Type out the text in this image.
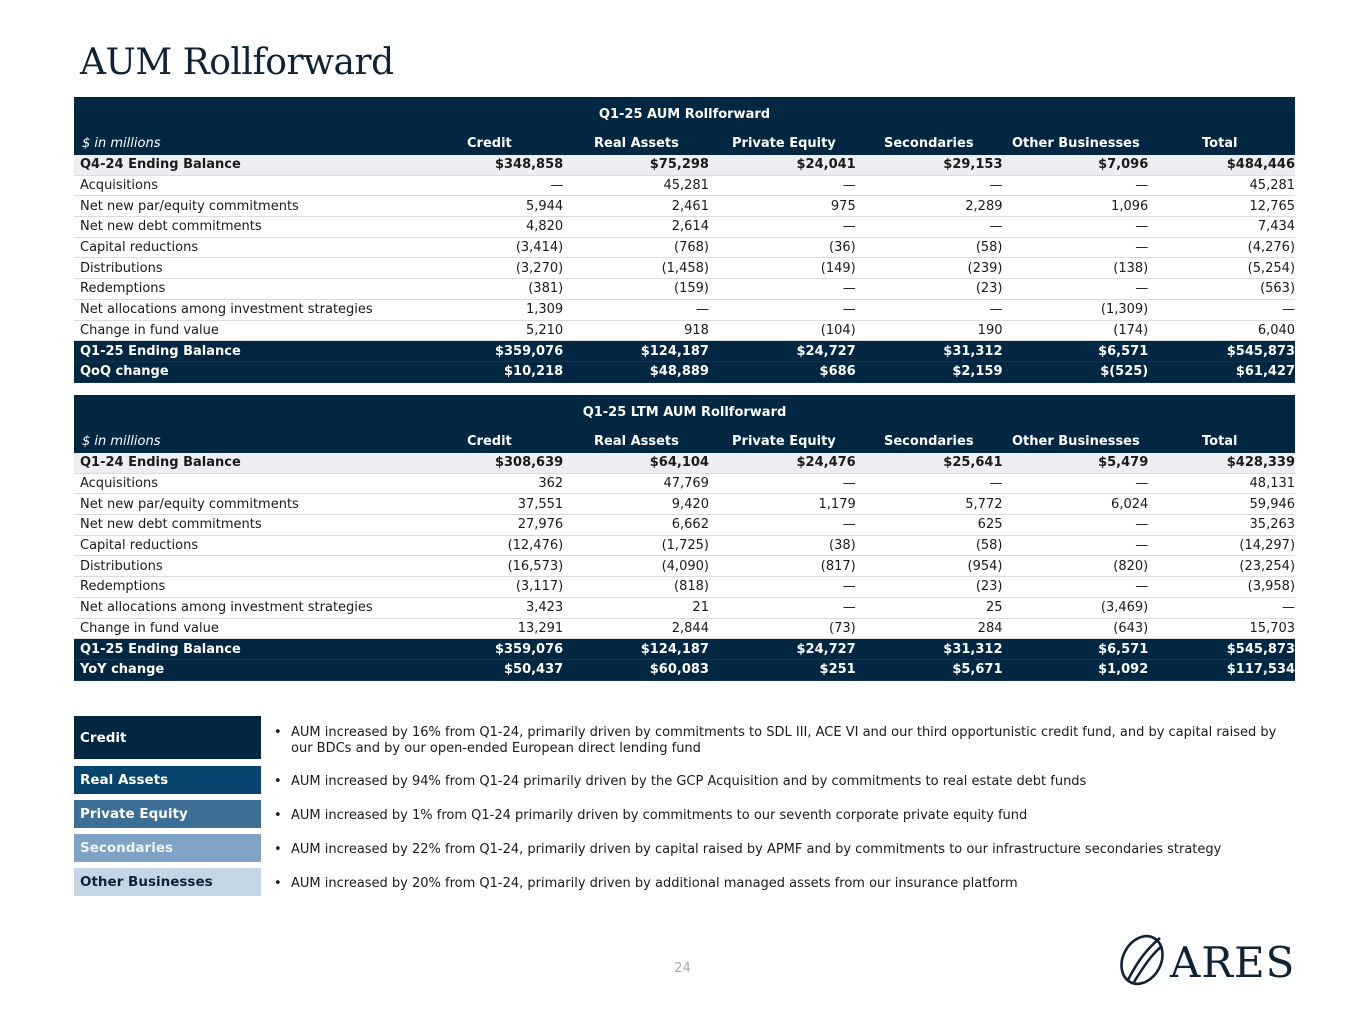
AUM Rollforward
Q1-25 AUM Rollforward
$ in millions	Credit	Real Assets	Private Equity	Secondaries	Other Businesses	Total
Q4-24 Ending Balance	$348,858	$75,298	$24,041	$29,153	$7,096	$484,446
Acquisitions	—	45,281	—	—	—	45,281
Net new par/equity commitments	5,944	2,461	975	2,289	1,096	12,765
Net new debt commitments	4,820	2,614	—	—	—	7,434
Capital reductions	(3,414)	(768)	(36)	(58)	—	(4,276)
Distributions	(3,270)	(1,458)	(149)	(239)	(138)	(5,254)
Redemptions	(381)	(159)	—	(23)	—	(563)
Net allocations among investment strategies	1,309	—	—	—	(1,309)	—
Change in fund value	5,210	918	(104)	190	(174)	6,040
Q1-25 Ending Balance	$359,076	$124,187	$24,727	$31,312	$6,571	$545,873
QoQ change	$10,218	$48,889	$686	$2,159	$(525)	$61,427
Q1-25 LTM AUM Rollforward
$ in millions	Credit	Real Assets	Private Equity	Secondaries	Other Businesses	Total
Q1-24 Ending Balance	$308,639	$64,104	$24,476	$25,641	$5,479	$428,339
Acquisitions	362	47,769	—	—	—	48,131
Net new par/equity commitments	37,551	9,420	1,179	5,772	6,024	59,946
Net new debt commitments	27,976	6,662	—	625	—	35,263
Capital reductions	(12,476)	(1,725)	(38)	(58)	—	(14,297)
Distributions	(16,573)	(4,090)	(817)	(954)	(820)	(23,254)
Redemptions	(3,117)	(818)	—	(23)	—	(3,958)
Net allocations among investment strategies	3,423	21	—	25	(3,469)	—
Change in fund value	13,291	2,844	(73)	284	(643)	15,703
Q1-25 Ending Balance	$359,076	$124,187	$24,727	$31,312	$6,571	$545,873
YoY change	$50,437	$60,083	$251	$5,671	$1,092	$117,534
Credit	• AUM increased by 16% from Q1-24, primarily driven by commitments to SDL III, ACE VI and our third opportunistic credit fund, and by capital raised by our BDCs and by our open-ended European direct lending fund
Real Assets	• AUM increased by 94% from Q1-24 primarily driven by the GCP Acquisition and by commitments to real estate debt funds
Private Equity	• AUM increased by 1% from Q1-24 primarily driven by commitments to our seventh corporate private equity fund
Secondaries	• AUM increased by 22% from Q1-24, primarily driven by capital raised by APMF and by commitments to our infrastructure secondaries strategy
Other Businesses	• AUM increased by 20% from Q1-24, primarily driven by additional managed assets from our insurance platform
24	ARES
